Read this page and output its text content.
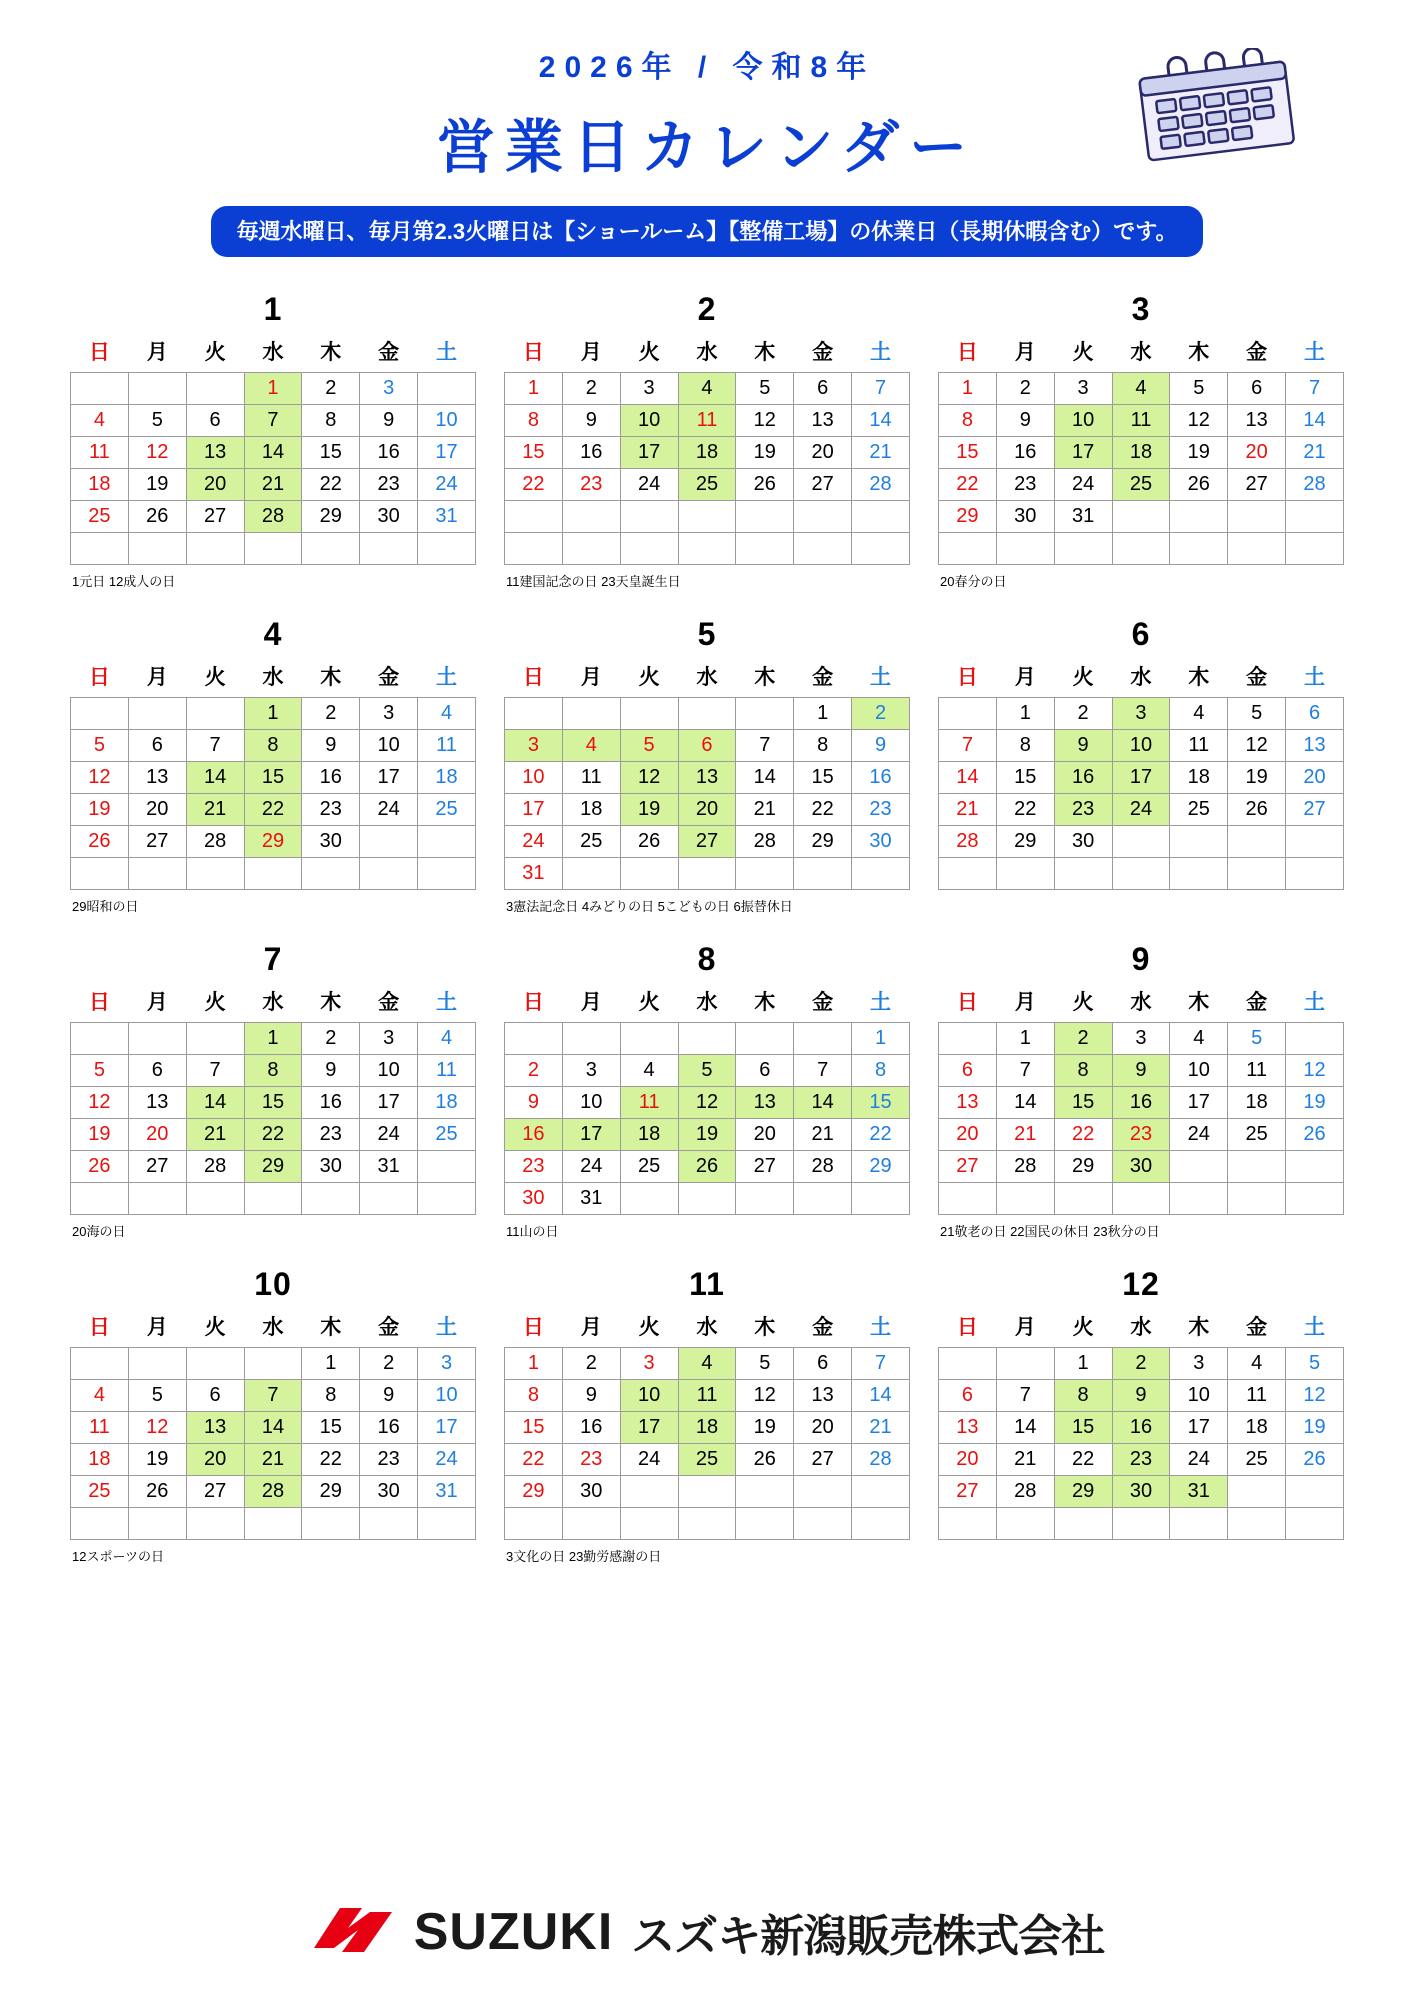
2026年 / 令和8年
営業日カレンダー
毎週水曜日、毎月第2.3火曜日は【ショールーム】【整備工場】の休業日（長期休暇含む）です。
1
日	月	火	水	木	金	土
			1	2	3	
4	5	6	7	8	9	10
11	12	13	14	15	16	17
18	19	20	21	22	23	24
25	26	27	28	29	30	31

1元日 12成人の日
2
日	月	火	水	木	金	土
1	2	3	4	5	6	7
8	9	10	11	12	13	14
15	16	17	18	19	20	21
22	23	24	25	26	27	28

11建国記念の日 23天皇誕生日
3
日	月	火	水	木	金	土
1	2	3	4	5	6	7
8	9	10	11	12	13	14
15	16	17	18	19	20	21
22	23	24	25	26	27	28
29	30	31				

20春分の日
4
日	月	火	水	木	金	土
			1	2	3	4
5	6	7	8	9	10	11
12	13	14	15	16	17	18
19	20	21	22	23	24	25
26	27	28	29	30		

29昭和の日
5
日	月	火	水	木	金	土
					1	2
3	4	5	6	7	8	9
10	11	12	13	14	15	16
17	18	19	20	21	22	23
24	25	26	27	28	29	30
31						
3憲法記念日 4みどりの日 5こどもの日 6振替休日
6
日	月	火	水	木	金	土
	1	2	3	4	5	6
7	8	9	10	11	12	13
14	15	16	17	18	19	20
21	22	23	24	25	26	27
28	29	30				

7
日	月	火	水	木	金	土
			1	2	3	4
5	6	7	8	9	10	11
12	13	14	15	16	17	18
19	20	21	22	23	24	25
26	27	28	29	30	31	

20海の日
8
日	月	火	水	木	金	土
						1
2	3	4	5	6	7	8
9	10	11	12	13	14	15
16	17	18	19	20	21	22
23	24	25	26	27	28	29
30	31					
11山の日
9
日	月	火	水	木	金	土
	1	2	3	4	5	
6	7	8	9	10	11	12
13	14	15	16	17	18	19
20	21	22	23	24	25	26
27	28	29	30			

21敬老の日 22国民の休日 23秋分の日
10
日	月	火	水	木	金	土
				1	2	3
4	5	6	7	8	9	10
11	12	13	14	15	16	17
18	19	20	21	22	23	24
25	26	27	28	29	30	31

12スポーツの日
11
日	月	火	水	木	金	土
1	2	3	4	5	6	7
8	9	10	11	12	13	14
15	16	17	18	19	20	21
22	23	24	25	26	27	28
29	30					

3文化の日 23勤労感謝の日
12
日	月	火	水	木	金	土
		1	2	3	4	5
6	7	8	9	10	11	12
13	14	15	16	17	18	19
20	21	22	23	24	25	26
27	28	29	30	31		

SUZUKI スズキ新潟販売株式会社
